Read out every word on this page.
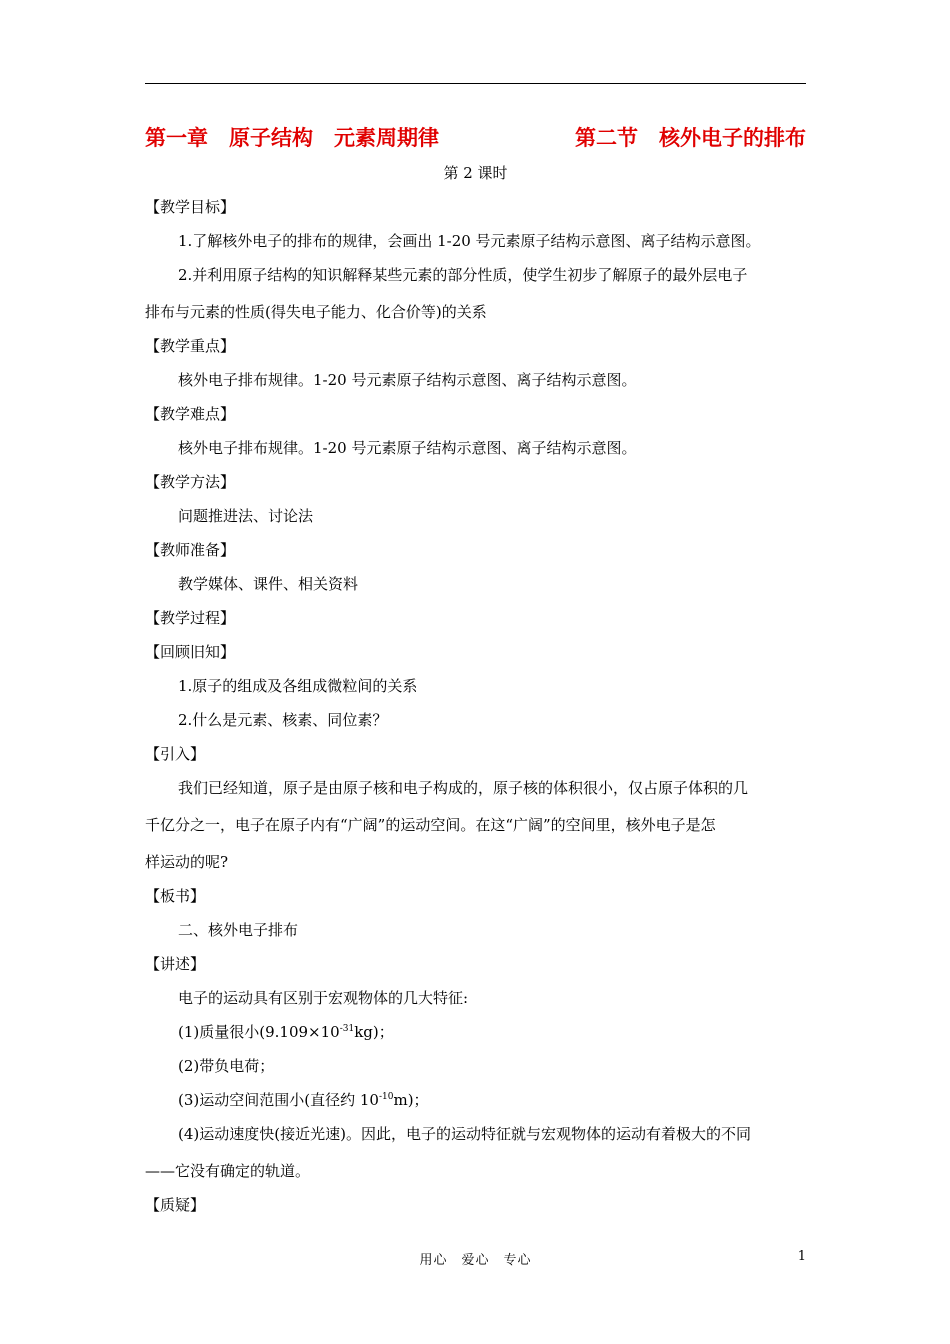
第一章　原子结构　元素周期律	第二节　核外电子的排布
第 2 课时
【教学目标】
1.了解核外电子的排布的规律，会画出 1-20 号元素原子结构示意图、离子结构示意图。
2.并利用原子结构的知识解释某些元素的部分性质，使学生初步了解原子的最外层电子
排布与元素的性质(得失电子能力、化合价等)的关系
【教学重点】
核外电子排布规律。1-20 号元素原子结构示意图、离子结构示意图。
【教学难点】
核外电子排布规律。1-20 号元素原子结构示意图、离子结构示意图。
【教学方法】
问题推进法、讨论法
【教师准备】
教学媒体、课件、相关资料
【教学过程】
【回顾旧知】
1.原子的组成及各组成微粒间的关系
2.什么是元素、核素、同位素？
【引入】
我们已经知道，原子是由原子核和电子构成的，原子核的体积很小，仅占原子体积的几
千亿分之一，电子在原子内有“广阔”的运动空间。在这“广阔”的空间里，核外电子是怎
样运动的呢?
【板书】
二、核外电子排布
【讲述】
电子的运动具有区别于宏观物体的几大特征:
(1)质量很小$(9.109\times 10^{-31}kg)$；
(2)带负电荷；
(3)运动空间范围小(直径约 $10^{-10}m$)；
(4)运动速度快(接近光速)。因此，电子的运动特征就与宏观物体的运动有着极大的不同
——它没有确定的轨道。
【质疑】
用心　爱心　专心	1
